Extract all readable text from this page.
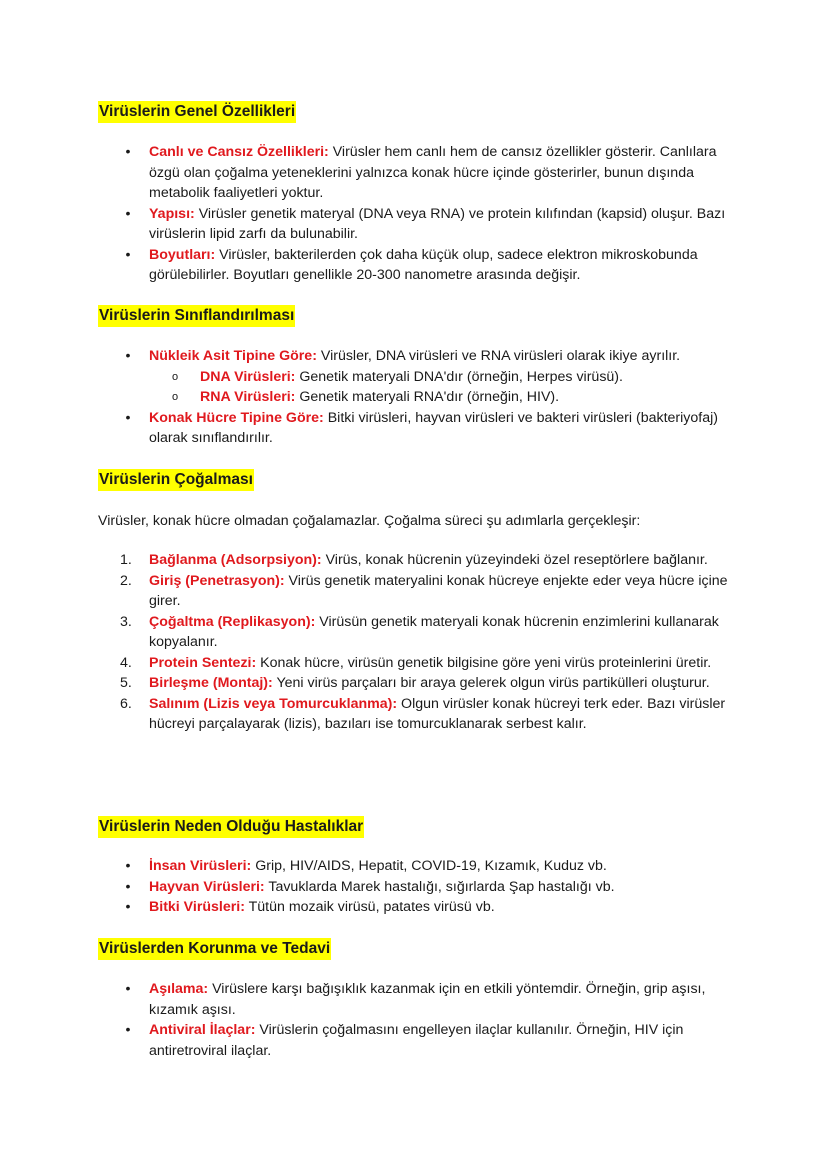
Virüslerin Genel Özellikleri
• Canlı ve Cansız Özellikleri: Virüsler hem canlı hem de cansız özellikler gösterir. Canlılara özgü olan çoğalma yeteneklerini yalnızca konak hücre içinde gösterirler, bunun dışında metabolik faaliyetleri yoktur.
• Yapısı: Virüsler genetik materyal (DNA veya RNA) ve protein kılıfından (kapsid) oluşur. Bazı virüslerin lipid zarfı da bulunabilir.
• Boyutları: Virüsler, bakterilerden çok daha küçük olup, sadece elektron mikroskobunda görülebilirler. Boyutları genellikle 20-300 nanometre arasında değişir.
Virüslerin Sınıflandırılması
• Nükleik Asit Tipine Göre: Virüsler, DNA virüsleri ve RNA virüsleri olarak ikiye ayrılır.
o DNA Virüsleri: Genetik materyali DNA'dır (örneğin, Herpes virüsü).
o RNA Virüsleri: Genetik materyali RNA'dır (örneğin, HIV).
• Konak Hücre Tipine Göre: Bitki virüsleri, hayvan virüsleri ve bakteri virüsleri (bakteriyofaj) olarak sınıflandırılır.
Virüslerin Çoğalması

Virüsler, konak hücre olmadan çoğalamazlar. Çoğalma süreci şu adımlarla gerçekleşir:

1.	Bağlanma (Adsorpsiyon): Virüs, konak hücrenin yüzeyindeki özel reseptörlere bağlanır.
2.	Giriş (Penetrasyon): Virüs genetik materyalini konak hücreye enjekte eder veya hücre içine girer.
3.	Çoğaltma (Replikasyon): Virüsün genetik materyali konak hücrenin enzimlerini kullanarak kopyalanır.
4.	Protein Sentezi: Konak hücre, virüsün genetik bilgisine göre yeni virüs proteinlerini üretir.
5.	Birleşme (Montaj): Yeni virüs parçaları bir araya gelerek olgun virüs partikülleri oluşturur.
6.	Salınım (Lizis veya Tomurcuklanma): Olgun virüsler konak hücreyi terk eder. Bazı virüsler hücreyi parçalayarak (lizis), bazıları ise tomurcuklanarak serbest kalır.
Virüslerin Neden Olduğu Hastalıklar
• İnsan Virüsleri: Grip, HIV/AIDS, Hepatit, COVID-19, Kızamık, Kuduz vb.
• Hayvan Virüsleri: Tavuklarda Marek hastalığı, sığırlarda Şap hastalığı vb.
• Bitki Virüsleri: Tütün mozaik virüsü, patates virüsü vb.
Virüslerden Korunma ve Tedavi
• Aşılama: Virüslere karşı bağışıklık kazanmak için en etkili yöntemdir. Örneğin, grip aşısı, kızamık aşısı.
• Antiviral İlaçlar: Virüslerin çoğalmasını engelleyen ilaçlar kullanılır. Örneğin, HIV için antiretroviral ilaçlar.
